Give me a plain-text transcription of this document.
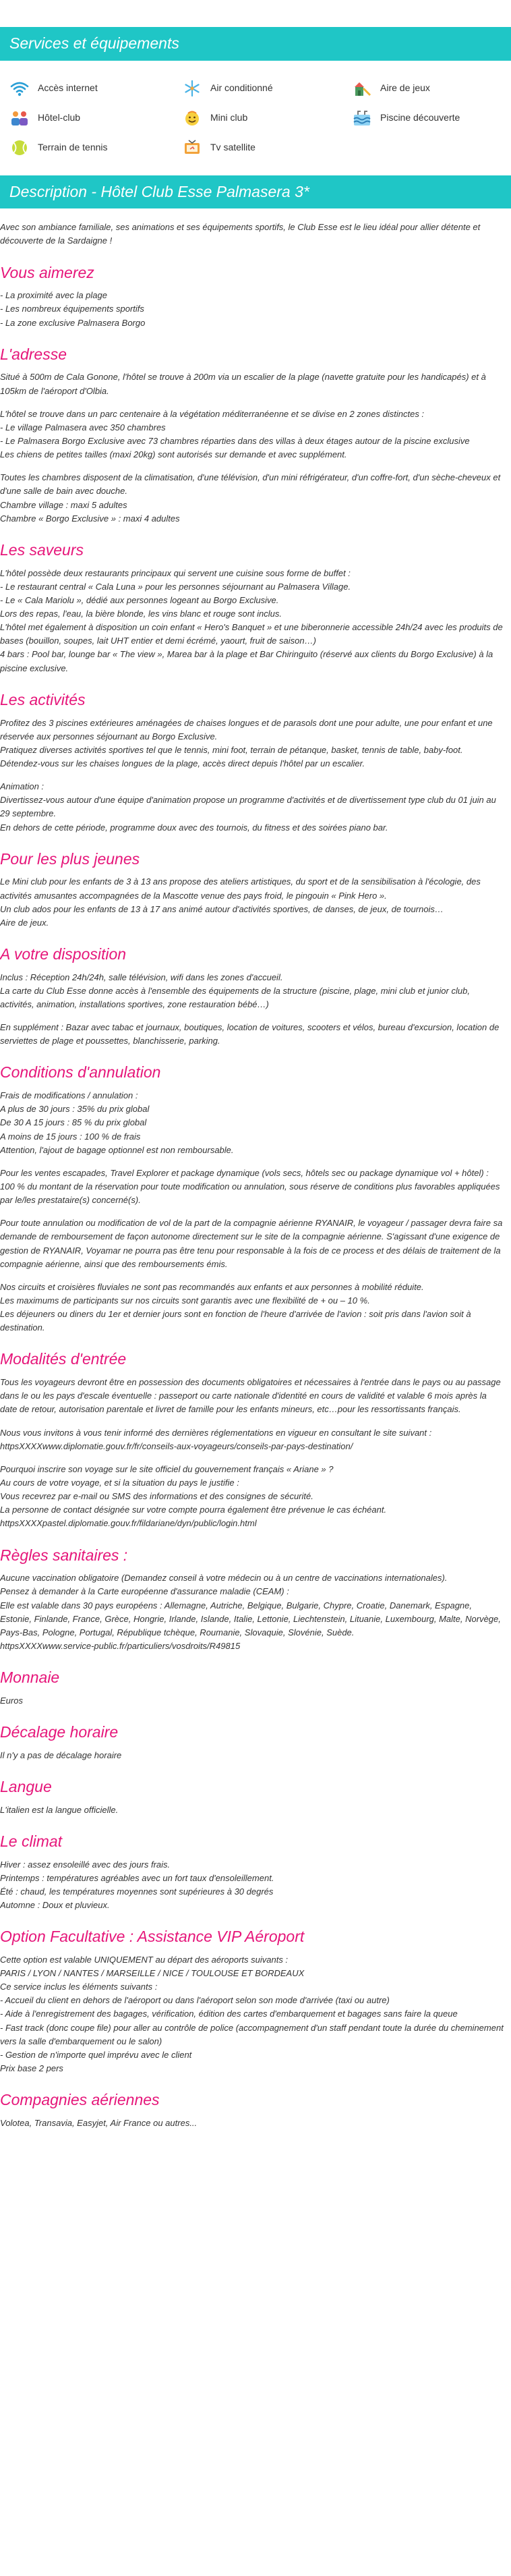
Services et équipements
Accès internet	Air conditionné	Aire de jeux
Hôtel-club	Mini club	Piscine découverte
Terrain de tennis	Tv satellite
Description - Hôtel Club Esse Palmasera 3*

Avec son ambiance familiale, ses animations et ses équipements sportifs, le Club Esse est le lieu idéal pour allier détente et découverte de la Sardaigne !

Vous aimerez

- La proximité avec la plage
- Les nombreux équipements sportifs
- La zone exclusive Palmasera Borgo

L'adresse

Situé à 500m de Cala Gonone, l'hôtel se trouve à 200m via un escalier de la plage (navette gratuite pour les handicapés) et à 105km de l'aéroport d'Olbia.

L'hôtel se trouve dans un parc centenaire à la végétation méditerranéenne et se divise en 2 zones distinctes :
- Le village Palmasera avec 350 chambres
- Le Palmasera Borgo Exclusive avec 73 chambres réparties dans des villas à deux étages autour de la piscine exclusive
Les chiens de petites tailles (maxi 20kg) sont autorisés sur demande et avec supplément.

Toutes les chambres disposent de la climatisation, d'une télévision, d'un mini réfrigérateur, d'un coffre-fort, d'un sèche-cheveux et d'une salle de bain avec douche.
Chambre village : maxi 5 adultes
Chambre « Borgo Exclusive » : maxi 4 adultes

Les saveurs

L'hôtel possède deux restaurants principaux qui servent une cuisine sous forme de buffet :
- Le restaurant central « Cala Luna » pour les personnes séjournant au Palmasera Village.
- Le « Cala Mariolu », dédié aux personnes logeant au Borgo Exclusive.
Lors des repas, l'eau, la bière blonde, les vins blanc et rouge sont inclus.
L'hôtel met également à disposition un coin enfant « Hero's Banquet » et une biberonnerie accessible 24h/24 avec les produits de bases (bouillon, soupes, lait UHT entier et demi écrémé, yaourt, fruit de saison…)
4 bars : Pool bar, lounge bar « The view », Marea bar à la plage et Bar Chiringuito (réservé aux clients du Borgo Exclusive) à la piscine exclusive.

Les activités

Profitez des 3 piscines extérieures aménagées de chaises longues et de parasols dont une pour adulte, une pour enfant et une réservée aux personnes séjournant au Borgo Exclusive.
Pratiquez diverses activités sportives tel que le tennis, mini foot, terrain de pétanque, basket, tennis de table, baby-foot.
Détendez-vous sur les chaises longues de la plage, accès direct depuis l'hôtel par un escalier.

Animation :
Divertissez-vous autour d'une équipe d'animation propose un programme d'activités et de divertissement type club du 01 juin au 29 septembre.
En dehors de cette période, programme doux avec des tournois, du fitness et des soirées piano bar.

Pour les plus jeunes

Le Mini club pour les enfants de 3 à 13 ans propose des ateliers artistiques, du sport et de la sensibilisation à l'écologie, des activités amusantes accompagnées de la Mascotte venue des pays froid, le pingouin « Pink Hero ».
Un club ados pour les enfants de 13 à 17 ans animé autour d'activités sportives, de danses, de jeux, de tournois…
Aire de jeux.

A votre disposition

Inclus : Réception 24h/24h, salle télévision, wifi dans les zones d'accueil.
La carte du Club Esse donne accès à l'ensemble des équipements de la structure (piscine, plage, mini club et junior club, activités, animation, installations sportives, zone restauration bébé…)

En supplément : Bazar avec tabac et journaux, boutiques, location de voitures, scooters et vélos, bureau d'excursion, location de serviettes de plage et poussettes, blanchisserie, parking.

Conditions d'annulation

Frais de modifications / annulation :
A plus de 30 jours : 35% du prix global
De 30 A 15 jours : 85 % du prix global
A moins de 15 jours : 100 % de frais
Attention, l'ajout de bagage optionnel est non remboursable.

Pour les ventes escapades, Travel Explorer et package dynamique (vols secs, hôtels sec ou package dynamique vol + hôtel) : 100 % du montant de la réservation pour toute modification ou annulation, sous réserve de conditions plus favorables appliquées par le/les prestataire(s) concerné(s).

Pour toute annulation ou modification de vol de la part de la compagnie aérienne RYANAIR, le voyageur / passager devra faire sa demande de remboursement de façon autonome directement sur le site de la compagnie aérienne. S'agissant d'une exigence de gestion de RYANAIR, Voyamar ne pourra pas être tenu pour responsable à la fois de ce process et des délais de traitement de la compagnie aérienne, ainsi que des remboursements émis.

Nos circuits et croisières fluviales ne sont pas recommandés aux enfants et aux personnes à mobilité réduite.
Les maximums de participants sur nos circuits sont garantis avec une flexibilité de + ou – 10 %.
Les déjeuners ou diners du 1er et dernier jours sont en fonction de l'heure d'arrivée de l'avion : soit pris dans l'avion soit à destination.

Modalités d'entrée

Tous les voyageurs devront être en possession des documents obligatoires et nécessaires à l'entrée dans le pays ou au passage dans le ou les pays d'escale éventuelle : passeport ou carte nationale d'identité en cours de validité et valable 6 mois après la date de retour, autorisation parentale et livret de famille pour les enfants mineurs, etc…pour les ressortissants français.

Nous vous invitons à vous tenir informé des dernières réglementations en vigueur en consultant le site suivant : httpsXXXXwww.diplomatie.gouv.fr/fr/conseils-aux-voyageurs/conseils-par-pays-destination/

Pourquoi inscrire son voyage sur le site officiel du gouvernement français « Ariane » ?
Au cours de votre voyage, et si la situation du pays le justifie :
Vous recevrez par e-mail ou SMS des informations et des consignes de sécurité.
La personne de contact désignée sur votre compte pourra également être prévenue le cas échéant.
httpsXXXXpastel.diplomatie.gouv.fr/fildariane/dyn/public/login.html

Règles sanitaires :

Aucune vaccination obligatoire (Demandez conseil à votre médecin ou à un centre de vaccinations internationales).
Pensez à demander à la Carte européenne d'assurance maladie (CEAM) :
Elle est valable dans 30 pays européens : Allemagne, Autriche, Belgique, Bulgarie, Chypre, Croatie, Danemark, Espagne, Estonie, Finlande, France, Grèce, Hongrie, Irlande, Islande, Italie, Lettonie, Liechtenstein, Lituanie, Luxembourg, Malte, Norvège, Pays-Bas, Pologne, Portugal, République tchèque, Roumanie, Slovaquie, Slovénie, Suède.
httpsXXXXwww.service-public.fr/particuliers/vosdroits/R49815

Monnaie

Euros

Décalage horaire

Il n'y a pas de décalage horaire

Langue

L'italien est la langue officielle.

Le climat

Hiver : assez ensoleillé avec des jours frais.
Printemps : températures agréables avec un fort taux d'ensoleillement.
Été : chaud, les températures moyennes sont supérieures à 30 degrés
Automne : Doux et pluvieux.

Option Facultative : Assistance VIP Aéroport

Cette option est valable UNIQUEMENT au départ des aéroports suivants :
PARIS / LYON / NANTES / MARSEILLE / NICE / TOULOUSE ET BORDEAUX
Ce service inclus les éléments suivants :
- Accueil du client en dehors de l'aéroport ou dans l'aéroport selon son mode d'arrivée (taxi ou autre)
- Aide à l'enregistrement des bagages, vérification, édition des cartes d'embarquement et bagages sans faire la queue
- Fast track (donc coupe file) pour aller au contrôle de police (accompagnement d'un staff pendant toute la durée du cheminement vers la salle d'embarquement ou le salon)
- Gestion de n'importe quel imprévu avec le client
Prix base 2 pers

Compagnies aériennes

Volotea, Transavia, Easyjet, Air France ou autres...
